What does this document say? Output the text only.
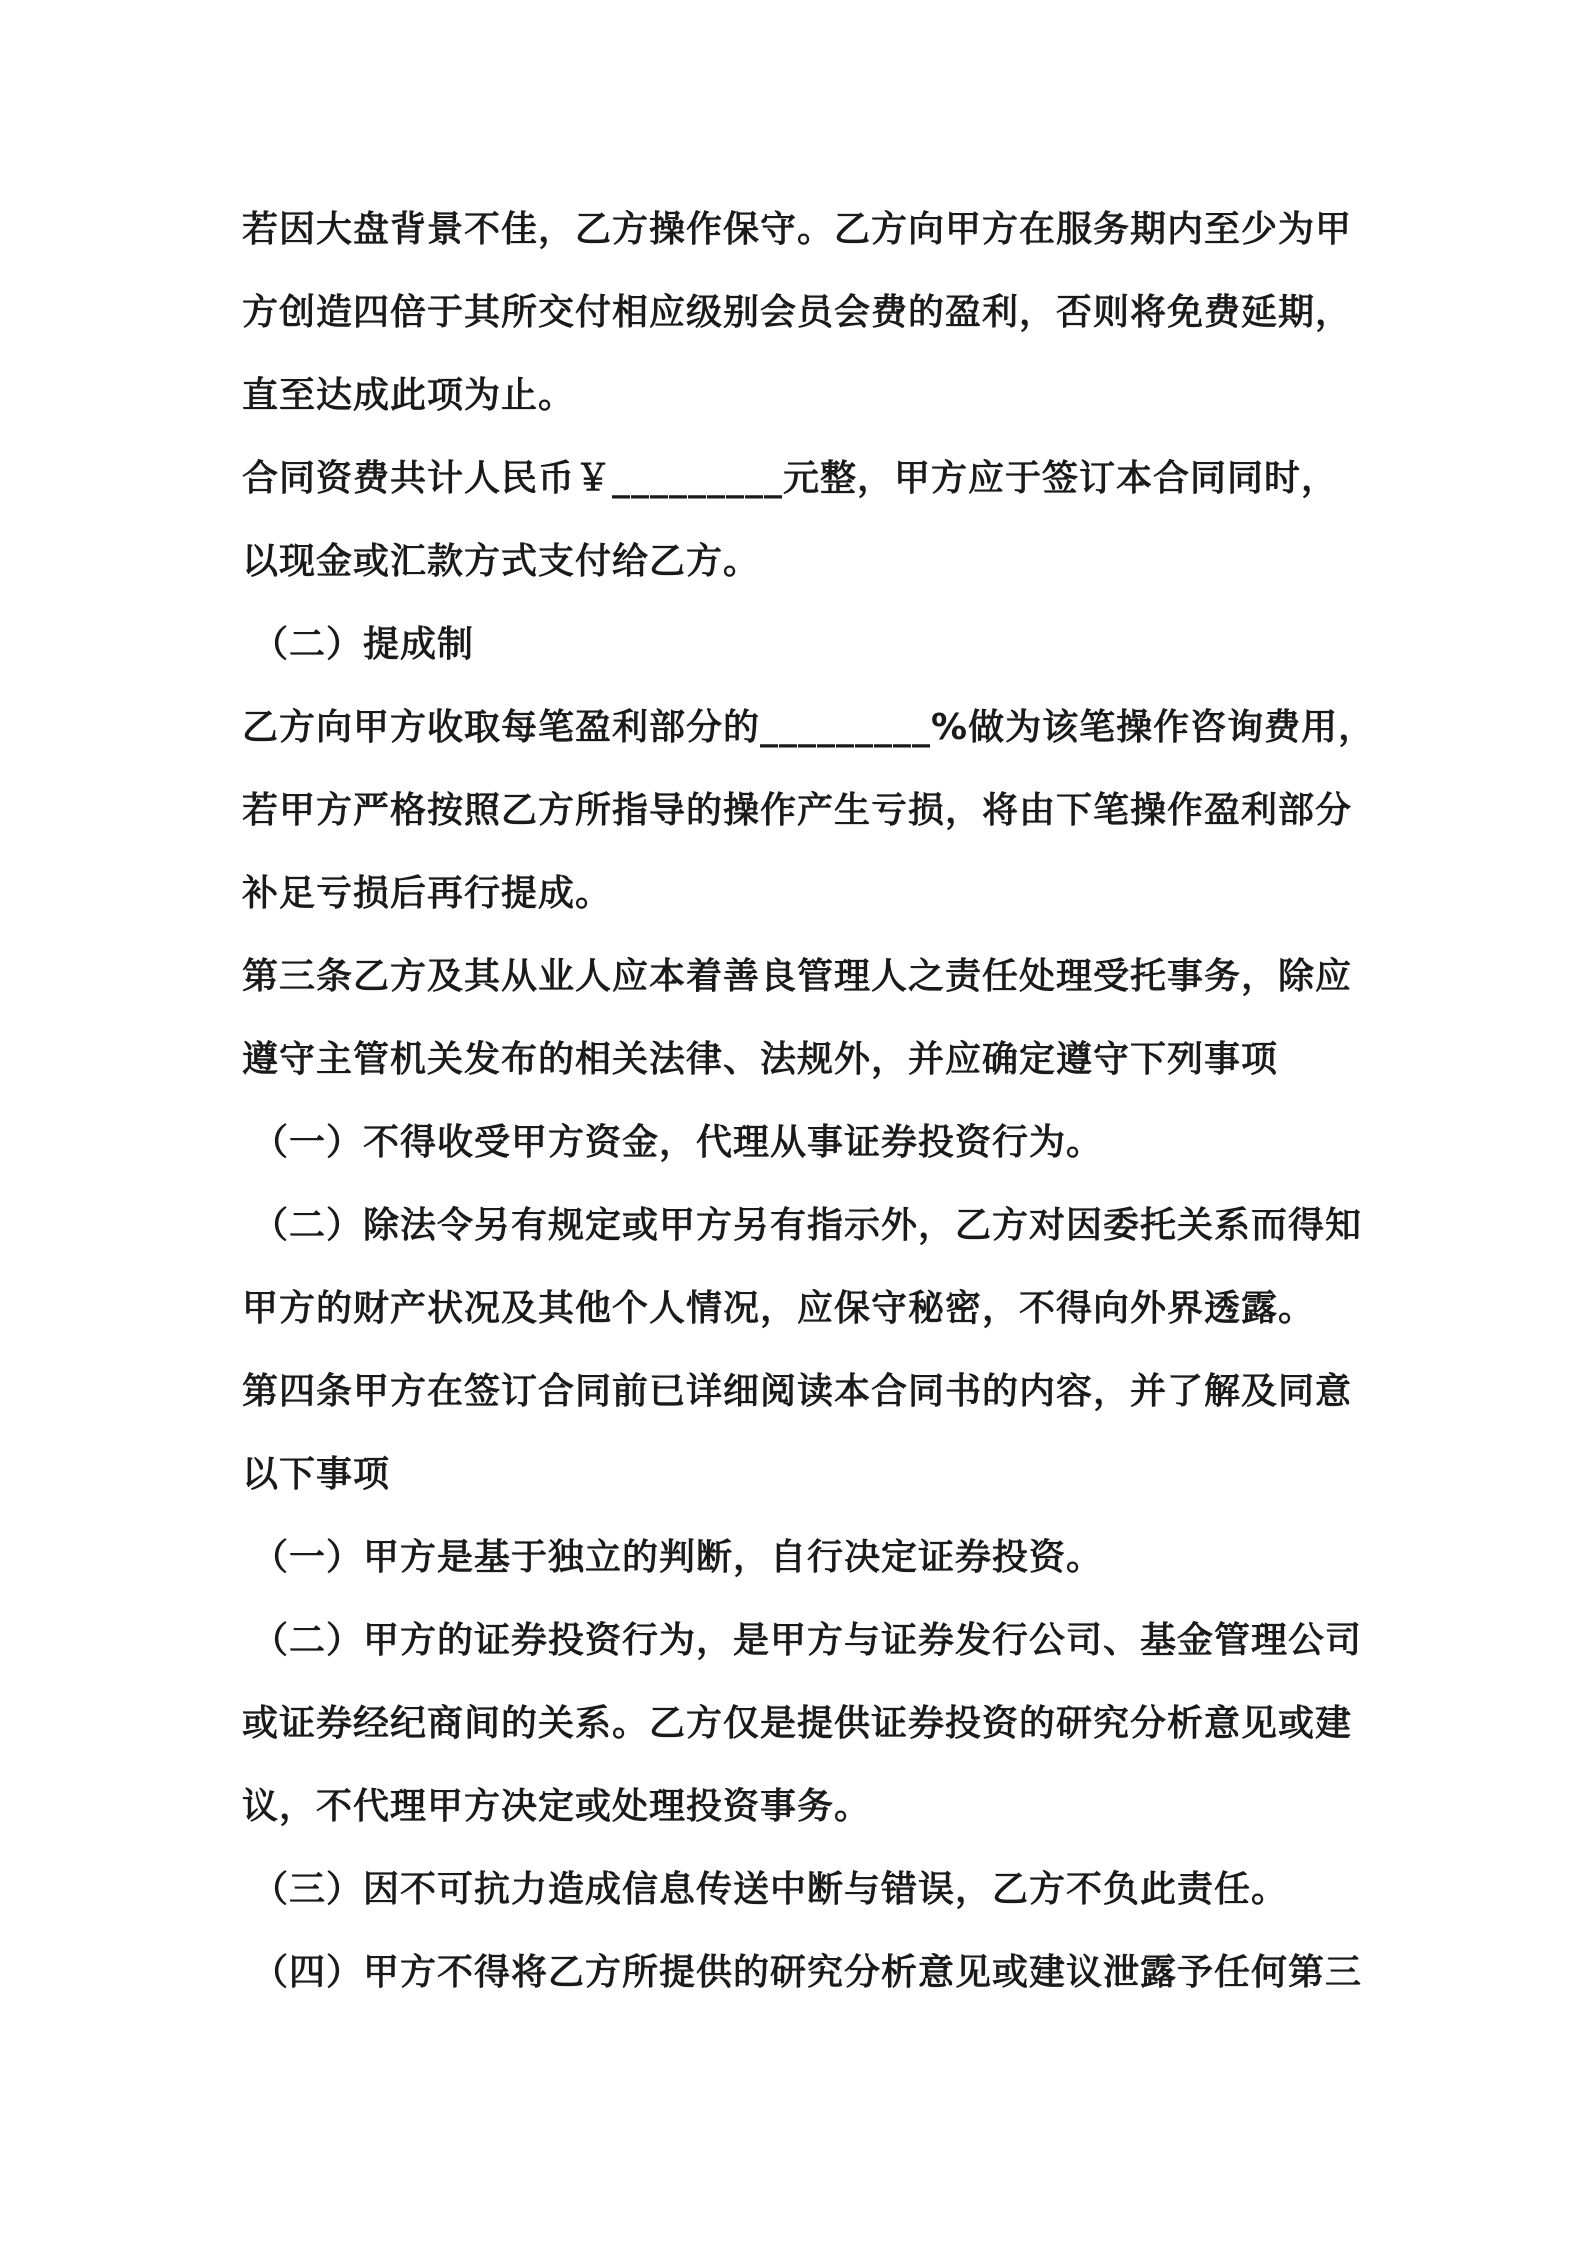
若因大盘背景不佳，乙方操作保守。乙方向甲方在服务期内至少为甲
方创造四倍于其所交付相应级别会员会费的盈利，否则将免费延期，
直至达成此项为止。
合同资费共计人民币￥_________元整，甲方应于签订本合同同时，
以现金或汇款方式支付给乙方。
（二）提成制
乙方向甲方收取每笔盈利部分的_________%做为该笔操作咨询费用，
若甲方严格按照乙方所指导的操作产生亏损，将由下笔操作盈利部分
补足亏损后再行提成。
第三条乙方及其从业人应本着善良管理人之责任处理受托事务，除应
遵守主管机关发布的相关法律、法规外，并应确定遵守下列事项
（一）不得收受甲方资金，代理从事证券投资行为。
（二）除法令另有规定或甲方另有指示外，乙方对因委托关系而得知
甲方的财产状况及其他个人情况，应保守秘密，不得向外界透露。
第四条甲方在签订合同前已详细阅读本合同书的内容，并了解及同意
以下事项
（一）甲方是基于独立的判断，自行决定证券投资。
（二）甲方的证券投资行为，是甲方与证券发行公司、基金管理公司
或证券经纪商间的关系。乙方仅是提供证券投资的研究分析意见或建
议，不代理甲方决定或处理投资事务。
（三）因不可抗力造成信息传送中断与错误，乙方不负此责任。
（四）甲方不得将乙方所提供的研究分析意见或建议泄露予任何第三
